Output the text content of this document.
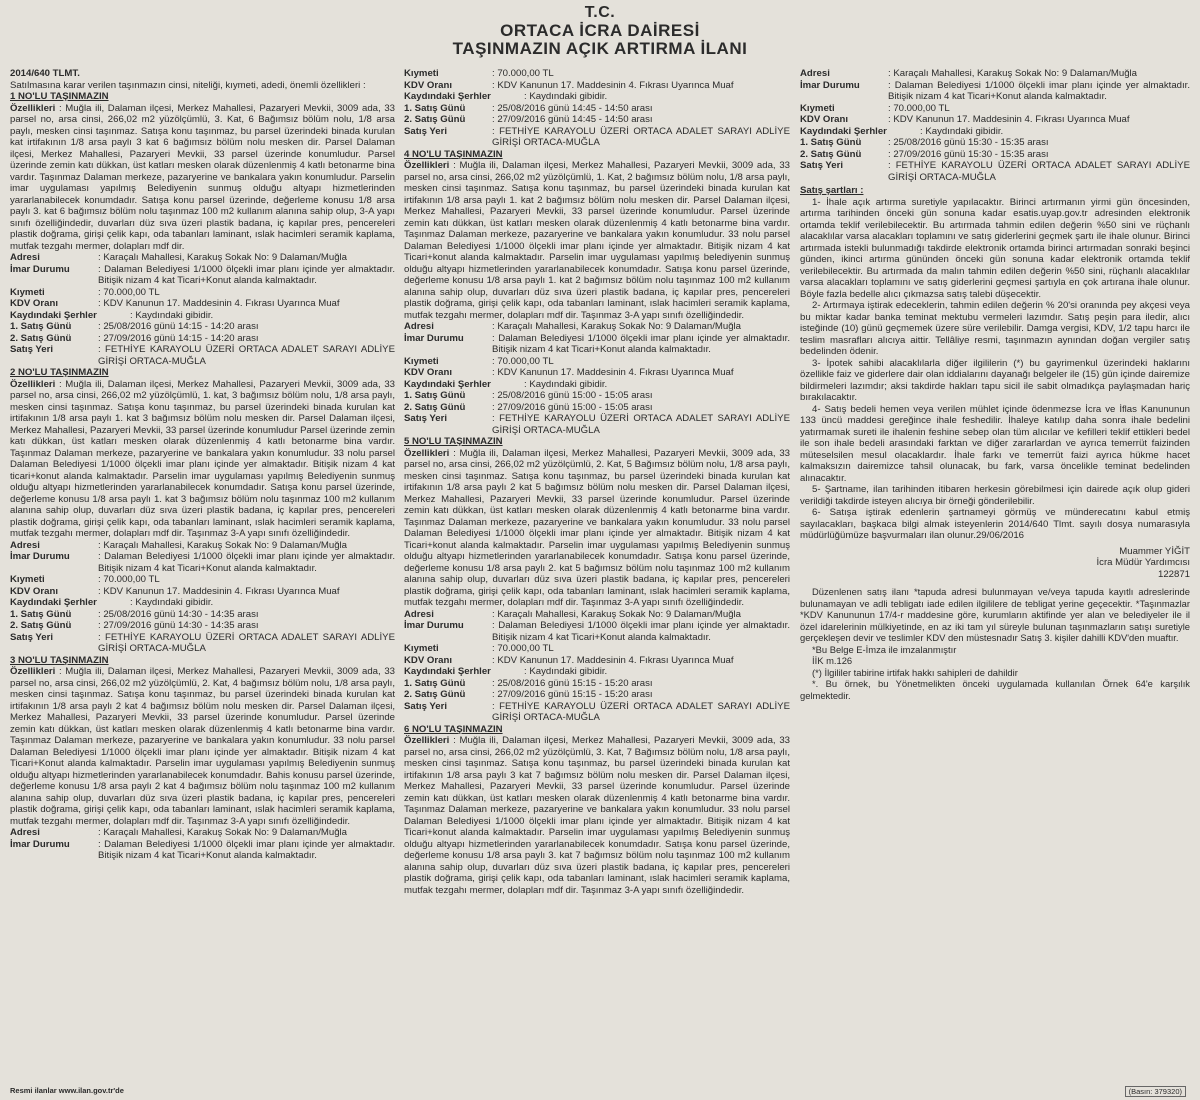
T.C.
ORTACA İCRA DAİRESİ
TAŞINMAZIN AÇIK ARTIRMA İLANI

2014/640 TLMT.

Satılmasına karar verilen taşınmazın cinsi, niteliği, kıymeti, adedi, önemli özellikleri :

1 NO'LU TAŞINMAZIN

Özellikleri : Muğla ili, Dalaman ilçesi, Merkez Mahallesi, Pazaryeri Mevkii, 3009 ada, 33 parsel no, arsa cinsi, 266,02 m2 yüzölçümlü, 3. Kat, 6 Bağımsız bölüm nolu, 1/8 arsa paylı, mesken cinsi taşınmaz. Satışa konu taşınmaz, bu parsel üzerindeki binada kurulan kat irtifakının 1/8 arsa paylı 3 kat 6 bağımsız bölüm nolu mesken dir. Parsel Dalaman ilçesi, Merkez Mahallesi, Pazaryeri Mevkii, 33 parsel üzerinde konumludur. Parsel üzerinde zemin katı dükkan, üst katları mesken olarak düzenlenmiş 4 katlı betonarme bina vardır. Taşınmaz Dalaman merkeze, pazaryerine ve bankalara yakın konumludur. Parselin imar uygulaması yapılmış Belediyenin sunmuş olduğu altyapı hizmetlerinden yararlanabilecek konumdadır. Satışa konu parsel üzerinde, değerleme konusu 1/8 arsa paylı 3. kat 6 bağımsız bölüm nolu taşınmaz 100 m2 kullanım alanına sahip olup, 3-A yapı sınıfı özelliğindedir, duvarları düz sıva üzeri plastik badana, iç kapılar pres, pencereleri plastik doğrama, girişi çelik kapı, oda tabanları laminant, ıslak hacimleri seramik kaplama, mutfak tezgahı mermer, dolapları mdf dir.

Adresi	: Karaçalı Mahallesi, Karakuş Sokak No: 9 Dalaman/Muğla
İmar Durumu	: Dalaman Belediyesi 1/1000 ölçekli imar planı içinde yer almaktadır. Bitişik nizam 4 kat Ticari+Konut alanda kalmaktadır.
Kıymeti	: 70.000,00 TL
KDV Oranı	: KDV Kanunun 17. Maddesinin 4. Fıkrası Uyarınca Muaf
Kaydındaki Şerhler	: Kaydındaki gibidir.
1. Satış Günü	: 25/08/2016 günü 14:15 - 14:20 arası
2. Satış Günü	: 27/09/2016 günü 14:15 - 14:20 arası
Satış Yeri	: FETHİYE KARAYOLU ÜZERİ ORTACA ADALET SARAYI ADLİYE GİRİŞİ ORTACA-MUĞLA

2 NO'LU TAŞINMAZIN

Özellikleri : Muğla ili, Dalaman ilçesi, Merkez Mahallesi, Pazaryeri Mevkii, 3009 ada, 33 parsel no, arsa cinsi, 266,02 m2 yüzölçümlü, 1. kat, 3 bağımsız bölüm nolu, 1/8 arsa paylı, mesken cinsi taşınmaz. Satışa konu taşınmaz, bu parsel üzerindeki binada kurulan kat irtifakının 1/8 arsa paylı 1. kat 3 bağımsız bölüm nolu mesken dir. Parsel Dalaman ilçesi, Merkez Mahallesi, Pazaryeri Mevkii, 33 parsel üzerinde konumludur Parsel üzerinde zemin katı dükkan, üst katları mesken olarak düzenlenmiş 4 katlı betonarme bina vardır. Taşınmaz Dalaman merkeze, pazaryerine ve bankalara yakın konumludur. 33 nolu parsel Dalaman Belediyesi 1/1000 ölçekli imar planı içinde yer almaktadır. Bitişik nizam 4 kat ticari+konut alanda kalmaktadır. Parselin imar uygulaması yapılmış Belediyenin sunmuş olduğu altyapı hizmetlerinden yararlanabilecek konumdadır. Satışa konu parsel üzerinde, değerleme konusu 1/8 arsa paylı 1. kat 3 bağımsız bölüm nolu taşınmaz 100 m2 kullanım alanına sahip olup, duvarları düz sıva üzeri plastik badana, iç kapılar pres, pencereleri plastik doğrama, girişi çelik kapı, oda tabanları laminant, ıslak hacimleri seramik kaplama, mutfak tezgahı mermer, dolapları mdf dir. Taşınmaz 3-A yapı sınıfı özelliğindedir.

Adresi	: Karaçalı Mahallesi, Karakuş Sokak No: 9 Dalaman/Muğla
İmar Durumu	: Dalaman Belediyesi 1/1000 ölçekli imar planı içinde yer almaktadır. Bitişik nizam 4 kat Ticari+Konut alanda kalmaktadır.
Kıymeti	: 70.000,00 TL
KDV Oranı	: KDV Kanunun 17. Maddesinin 4. Fıkrası Uyarınca Muaf
Kaydındaki Şerhler	: Kaydındaki gibidir.
1. Satış Günü	: 25/08/2016 günü 14:30 - 14:35 arası
2. Satış Günü	: 27/09/2016 günü 14:30 - 14:35 arası
Satış Yeri	: FETHİYE KARAYOLU ÜZERİ ORTACA ADALET SARAYI ADLİYE GİRİŞİ ORTACA-MUĞLA

3 NO'LU TAŞINMAZIN

Özellikleri : Muğla ili, Dalaman ilçesi, Merkez Mahallesi, Pazaryeri Mevkii, 3009 ada, 33 parsel no, arsa cinsi, 266,02 m2 yüzölçümlü, 2. Kat, 4 bağımsız bölüm nolu, 1/8 arsa paylı, mesken cinsi taşınmaz. Satışa konu taşınmaz, bu parsel üzerindeki binada kurulan kat irtifakının 1/8 arsa paylı 2 kat 4 bağımsız bölüm nolu mesken dir. Parsel Dalaman ilçesi, Merkez Mahallesi, Pazaryeri Mevkii, 33 parsel üzerinde konumludur. Parsel üzerinde zemin katı dükkan, üst katları mesken olarak düzenlenmiş 4 katlı betonarme bina vardır. Taşınmaz Dalaman merkeze, pazaryerine ve bankalara yakın konumludur. 33 nolu parsel Dalaman Belediyesi 1/1000 ölçekli imar planı içinde yer almaktadır. Bitişik nizam 4 kat Ticari+Konut alanda kalmaktadır. Parselin imar uygulaması yapılmış Belediyenin sunmuş olduğu altyapı hizmetlerinden yararlanabilecek konumdadır. Bahis konusu parsel üzerinde, değerleme konusu 1/8 arsa paylı 2 kat 4 bağımsız bölüm nolu taşınmaz 100 m2 kullanım alanına sahip olup, duvarları düz sıva üzeri plastik badana, iç kapılar pres, pencereleri plastik doğrama, girişi çelik kapı, oda tabanları laminant, ıslak hacimleri seramik kaplama, mutfak tezgahı mermer, dolapları mdf dir. Taşınmaz 3-A yapı sınıfı özelliğindedir.

Adresi	: Karaçalı Mahallesi, Karakuş Sokak No: 9 Dalaman/Muğla
İmar Durumu	: Dalaman Belediyesi 1/1000 ölçekli imar planı içinde yer almaktadır. Bitişik nizam 4 kat Ticari+Konut alanda kalmaktadır.
Kıymeti	: 70.000,00 TL
KDV Oranı	: KDV Kanunun 17. Maddesinin 4. Fıkrası Uyarınca Muaf
Kaydındaki Şerhler	: Kaydındaki gibidir.
1. Satış Günü	: 25/08/2016 günü 14:45 - 14:50 arası
2. Satış Günü	: 27/09/2016 günü 14:45 - 14:50 arası
Satış Yeri	: FETHİYE KARAYOLU ÜZERİ ORTACA ADALET SARAYI ADLİYE GİRİŞİ ORTACA-MUĞLA

4 NO'LU TAŞINMAZIN

Özellikleri : Muğla ili, Dalaman ilçesi, Merkez Mahallesi, Pazaryeri Mevkii, 3009 ada, 33 parsel no, arsa cinsi, 266,02 m2 yüzölçümlü, 1. Kat, 2 bağımsız bölüm nolu, 1/8 arsa paylı, mesken cinsi taşınmaz. Satışa konu taşınmaz, bu parsel üzerindeki binada kurulan kat irtifakının 1/8 arsa paylı 1. kat 2 bağımsız bölüm nolu mesken dir. Parsel Dalaman ilçesi, Merkez Mahallesi, Pazaryeri Mevkii, 33 parsel üzerinde konumludur. Parsel üzerinde zemin katı dükkan, üst katları mesken olarak düzenlenmiş 4 katlı betonarme bina vardır. Taşınmaz Dalaman merkeze, pazaryerine ve bankalara yakın konumludur. 33 nolu parsel Dalaman Belediyesi 1/1000 ölçekli imar planı içinde yer almaktadır. Bitişik nizam 4 kat Ticari+konut alanda kalmaktadır. Parselin imar uygulaması yapılmış belediyenin sunmuş olduğu altyapı hizmetlerinden yararlanabilecek konumdadır. Satışa konu parsel üzerinde, değerleme konusu 1/8 arsa paylı 1. kat 2 bağımsız bölüm nolu taşınmaz 100 m2 kullanım alanına sahip olup, duvarları düz sıva üzeri plastik badana, iç kapılar pres, pencereleri plastik doğrama, girişi çelik kapı, oda tabanları laminant, ıslak hacimleri seramik kaplama, mutfak tezgahı mermer, dolapları mdf dir. Taşınmaz 3-A yapı sınıfı özelliğindedir.

Adresi	: Karaçalı Mahallesi, Karakuş Sokak No: 9 Dalaman/Muğla
İmar Durumu	: Dalaman Belediyesi 1/1000 ölçekli imar planı içinde yer almaktadır. Bitişik nizam 4 kat Ticari+Konut alanda kalmaktadır.
Kıymeti	: 70.000,00 TL
KDV Oranı	: KDV Kanunun 17. Maddesinin 4. Fıkrası Uyarınca Muaf
Kaydındaki Şerhler	: Kaydındaki gibidir.
1. Satış Günü	: 25/08/2016 günü 15:00 - 15:05 arası
2. Satış Günü	: 27/09/2016 günü 15:00 - 15:05 arası
Satış Yeri	: FETHİYE KARAYOLU ÜZERİ ORTACA ADALET SARAYI ADLİYE GİRİŞİ ORTACA-MUĞLA

5 NO'LU TAŞINMAZIN

Özellikleri : Muğla ili, Dalaman ilçesi, Merkez Mahallesi, Pazaryeri Mevkii, 3009 ada, 33 parsel no, arsa cinsi, 266,02 m2 yüzölçümlü, 2. Kat, 5 Bağımsız bölüm nolu, 1/8 arsa paylı, mesken cinsi taşınmaz. Satışa konu taşınmaz, bu parsel üzerindeki binada kurulan kat irtifakının 1/8 arsa paylı 2 kat 5 bağımsız bölüm nolu mesken dir. Parsel Dalaman ilçesi, Merkez Mahallesi, Pazaryeri Mevkii, 33 parsel üzerinde konumludur. Parsel üzerinde zemin katı dükkan, üst katları mesken olarak düzenlenmiş 4 katlı betonarme bina vardır. Taşınmaz Dalaman merkeze, pazaryerine ve bankalara yakın konumludur. 33 nolu parsel Dalaman Belediyesi 1/1000 ölçekli imar planı içinde yer almaktadır. Bitişik nizam 4 kat Ticari+konut alanda kalmaktadır. Parselin imar uygulaması yapılmış Belediyenin sunmuş olduğu altyapı hizmetlerinden yararlanabilecek konumdadır. Satışa konu parsel üzerinde, değerleme konusu 1/8 arsa paylı 2. kat 5 bağımsız bölüm nolu taşınmaz 100 m2 kullanım alanına sahip olup, duvarları düz sıva üzeri plastik badana, iç kapılar pres, pencereleri plastik doğrama, girişi çelik kapı, oda tabanları laminant, ıslak hacimleri seramik kaplama, mutfak tezgahı mermer, dolapları mdf dir. Taşınmaz 3-A yapı sınıfı özelliğindedir.

Adresi	: Karaçalı Mahallesi, Karakuş Sokak No: 9 Dalaman/Muğla
İmar Durumu	: Dalaman Belediyesi 1/1000 ölçekli imar planı içinde yer almaktadır. Bitişik nizam 4 kat Ticari+Konut alanda kalmaktadır.
Kıymeti	: 70.000,00 TL
KDV Oranı	: KDV Kanunun 17. Maddesinin 4. Fıkrası Uyarınca Muaf
Kaydındaki Şerhler	: Kaydındaki gibidir.
1. Satış Günü	: 25/08/2016 günü 15:15 - 15:20 arası
2. Satış Günü	: 27/09/2016 günü 15:15 - 15:20 arası
Satış Yeri	: FETHİYE KARAYOLU ÜZERİ ORTACA ADALET SARAYI ADLİYE GİRİŞİ ORTACA-MUĞLA

6 NO'LU TAŞINMAZIN

Özellikleri : Muğla ili, Dalaman ilçesi, Merkez Mahallesi, Pazaryeri Mevkii, 3009 ada, 33 parsel no, arsa cinsi, 266,02 m2 yüzölçümlü, 3. Kat, 7 Bağımsız bölüm nolu, 1/8 arsa paylı, mesken cinsi taşınmaz. Satışa konu taşınmaz, bu parsel üzerindeki binada kurulan kat irtifakının 1/8 arsa paylı 3 kat 7 bağımsız bölüm nolu mesken dir. Parsel Dalaman ilçesi, Merkez Mahallesi, Pazaryeri Mevkii, 33 parsel üzerinde konumludur. Parsel üzerinde zemin katı dükkan, üst katları mesken olarak düzenlenmiş 4 katlı betonarme bina vardır. Taşınmaz Dalaman merkeze, pazaryerine ve bankalara yakın konumludur. 33 nolu parsel Dalaman Belediyesi 1/1000 ölçekli imar planı içinde yer almaktadır. Bitişik nizam 4 kat Ticari+konut alanda kalmaktadır. Parselin imar uygulaması yapılmış Belediyenin sunmuş olduğu altyapı hizmetlerinden yararlanabilecek konumdadır. Satışa konu parsel üzerinde, değerleme konusu 1/8 arsa paylı 3. kat 7 bağımsız bölüm nolu taşınmaz 100 m2 kullanım alanına sahip olup, duvarları düz sıva üzeri plastik badana, iç kapılar pres, pencereleri plastik doğrama, girişi çelik kapı, oda tabanları laminant, ıslak hacimleri seramik kaplama, mutfak tezgahı mermer, dolapları mdf dir. Taşınmaz 3-A yapı sınıfı özelliğindedir.

Adresi	: Karaçalı Mahallesi, Karakuş Sokak No: 9 Dalaman/Muğla
İmar Durumu	: Dalaman Belediyesi 1/1000 ölçekli imar planı içinde yer almaktadır. Bitişik nizam 4 kat Ticari+Konut alanda kalmaktadır.
Kıymeti	: 70.000,00 TL
KDV Oranı	: KDV Kanunun 17. Maddesinin 4. Fıkrası Uyarınca Muaf
Kaydındaki Şerhler	: Kaydındaki gibidir.
1. Satış Günü	: 25/08/2016 günü 15:30 - 15:35 arası
2. Satış Günü	: 27/09/2016 günü 15:30 - 15:35 arası
Satış Yeri	: FETHİYE KARAYOLU ÜZERİ ORTACA ADALET SARAYI ADLİYE GİRİŞİ ORTACA-MUĞLA

Satış şartları :

1- İhale açık artırma suretiyle yapılacaktır. Birinci artırmanın yirmi gün öncesinden, artırma tarihinden önceki gün sonuna kadar esatis.uyap.gov.tr adresinden elektronik ortamda teklif verilebilecektir. Bu artırmada tahmin edilen değerin %50 sini ve rüçhanlı alacaklılar varsa alacakları toplamını ve satış giderlerini geçmek şartı ile ihale olunur. Birinci artırmada istekli bulunmadığı takdirde elektronik ortamda birinci artırmadan sonraki beşinci günden, ikinci artırma gününden önceki gün sonuna kadar elektronik ortamda teklif verilebilecektir. Bu artırmada da malın tahmin edilen değerin %50 sini, rüçhanlı alacaklılar varsa alacakları toplamını ve satış giderlerini geçmesi şartıyla en çok artırana ihale olunur. Böyle fazla bedelle alıcı çıkmazsa satış talebi düşecektir.

2- Artırmaya iştirak edeceklerin, tahmin edilen değerin % 20'si oranında pey akçesi veya bu miktar kadar banka teminat mektubu vermeleri lazımdır. Satış peşin para iledir, alıcı isteğinde (10) günü geçmemek üzere süre verilebilir. Damga vergisi, KDV, 1/2 tapu harcı ile teslim masrafları alıcıya aittir. Tellâliye resmi, taşınmazın aynından doğan vergiler satış bedelinden ödenir.

3- İpotek sahibi alacaklılarla diğer ilgililerin (*) bu gayrimenkul üzerindeki haklarını özellikle faiz ve giderlere dair olan iddialarını dayanağı belgeler ile (15) gün içinde dairemize bildirmeleri lazımdır; aksi takdirde hakları tapu sicil ile sabit olmadıkça paylaşmadan hariç bırakılacaktır.

4- Satış bedeli hemen veya verilen mühlet içinde ödenmezse İcra ve İflas Kanununun 133 üncü maddesi gereğince ihale feshedilir. İhaleye katılıp daha sonra ihale bedelini yatırmamak sureti ile ihalenin feshine sebep olan tüm alıcılar ve kefilleri teklif ettikleri bedel ile son ihale bedeli arasındaki farktan ve diğer zararlardan ve ayrıca temerrüt faizinden müteselsilen mesul olacaklardır. İhale farkı ve temerrüt faizi ayrıca hükme hacet kalmaksızın dairemizce tahsil olunacak, bu fark, varsa öncelikle teminat bedelinden alınacaktır.

5- Şartname, ilan tarihinden itibaren herkesin görebilmesi için dairede açık olup gideri verildiği takdirde isteyen alıcıya bir örneği gönderilebilir.

6- Satışa iştirak edenlerin şartnameyi görmüş ve münderecatını kabul etmiş sayılacakları, başkaca bilgi almak isteyenlerin 2014/640 Tlmt. sayılı dosya numarasıyla müdürlüğümüze başvurmaları ilan olunur.29/06/2016

Muammer YİĞİT

İcra Müdür Yardımcısı

122871

Düzenlenen satış ilanı *tapuda adresi bulunmayan ve/veya tapuda kayıtlı adreslerinde bulunamayan ve adli tebligatı iade edilen ilgililere de tebligat yerine geçecektir. *Taşınmazlar *KDV Kanununun 17/4-r maddesine göre, kurumların aktifinde yer alan ve belediyeler ile il özel idarelerinin mülkiyetinde, en az iki tam yıl süreyle bulunan taşınmazların satışı suretiyle gerçekleşen devir ve teslimler KDV den müstesnadır Satış 3. kişiler dahilli KDV'den muaftır.

*Bu Belge E-İmza ile imzalanmıştır

İİK m.126

(*) İlgililer tabirine irtifak hakkı sahipleri de dahildir

*. Bu örnek, bu Yönetmelikten önceki uygulamada kullanılan Örnek 64'e karşılık gelmektedir.

Resmi ilanlar www.ilan.gov.tr'de	(Basın: 379320)
